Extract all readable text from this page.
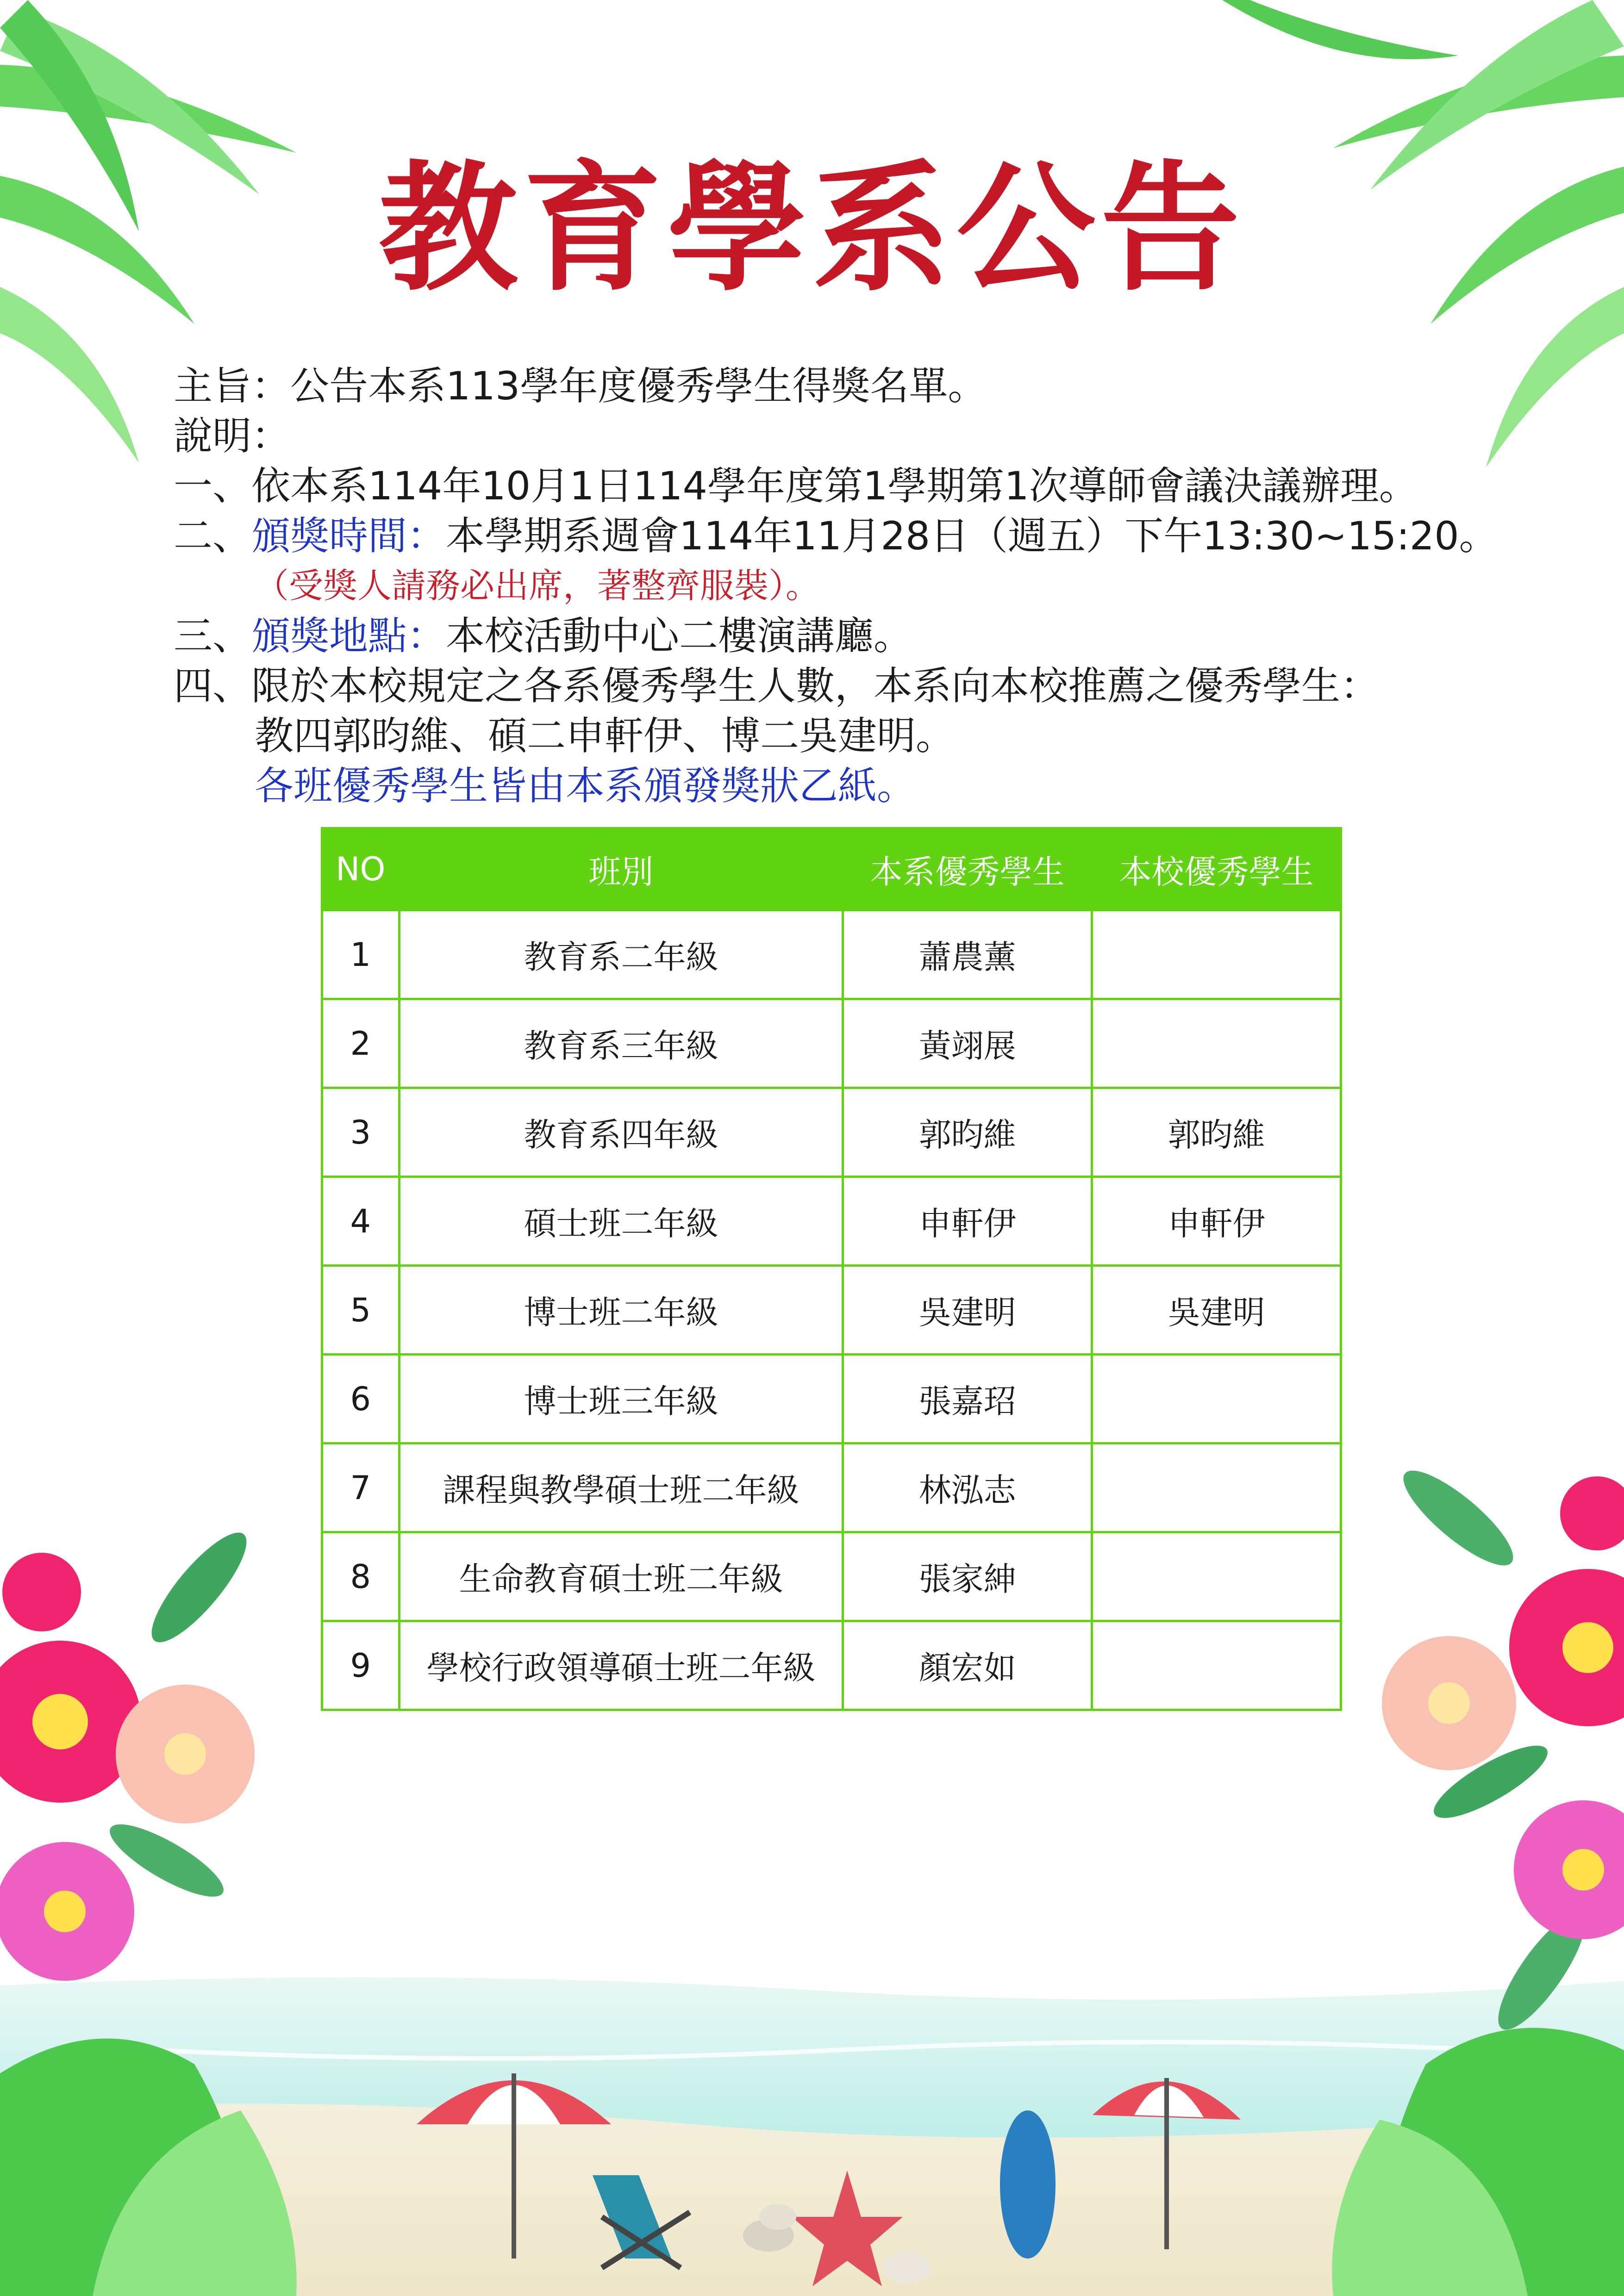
教育學系公告
主旨：公告本系113學年度優秀學生得獎名單。
說明：
一、依本系114年10月1日114學年度第1學期第1次導師會議決議辦理。
二、頒獎時間：本學期系週會114年11月28日（週五）下午13:30~15:20。
（受獎人請務必出席，著整齊服裝）。
三、頒獎地點：本校活動中心二樓演講廳。
四、限於本校規定之各系優秀學生人數，本系向本校推薦之優秀學生：
教四郭昀維、碩二申軒伊、博二吳建明。
各班優秀學生皆由本系頒發獎狀乙紙。
NO	班別	本系優秀學生	本校優秀學生
1	教育系二年級	蕭農薰	
2	教育系三年級	黃翊展	
3	教育系四年級	郭昀維	郭昀維
4	碩士班二年級	申軒伊	申軒伊
5	博士班二年級	吳建明	吳建明
6	博士班三年級	張嘉玿	
7	課程與教學碩士班二年級	林泓志	
8	生命教育碩士班二年級	張家紳	
9	學校行政領導碩士班二年級	顏宏如	
